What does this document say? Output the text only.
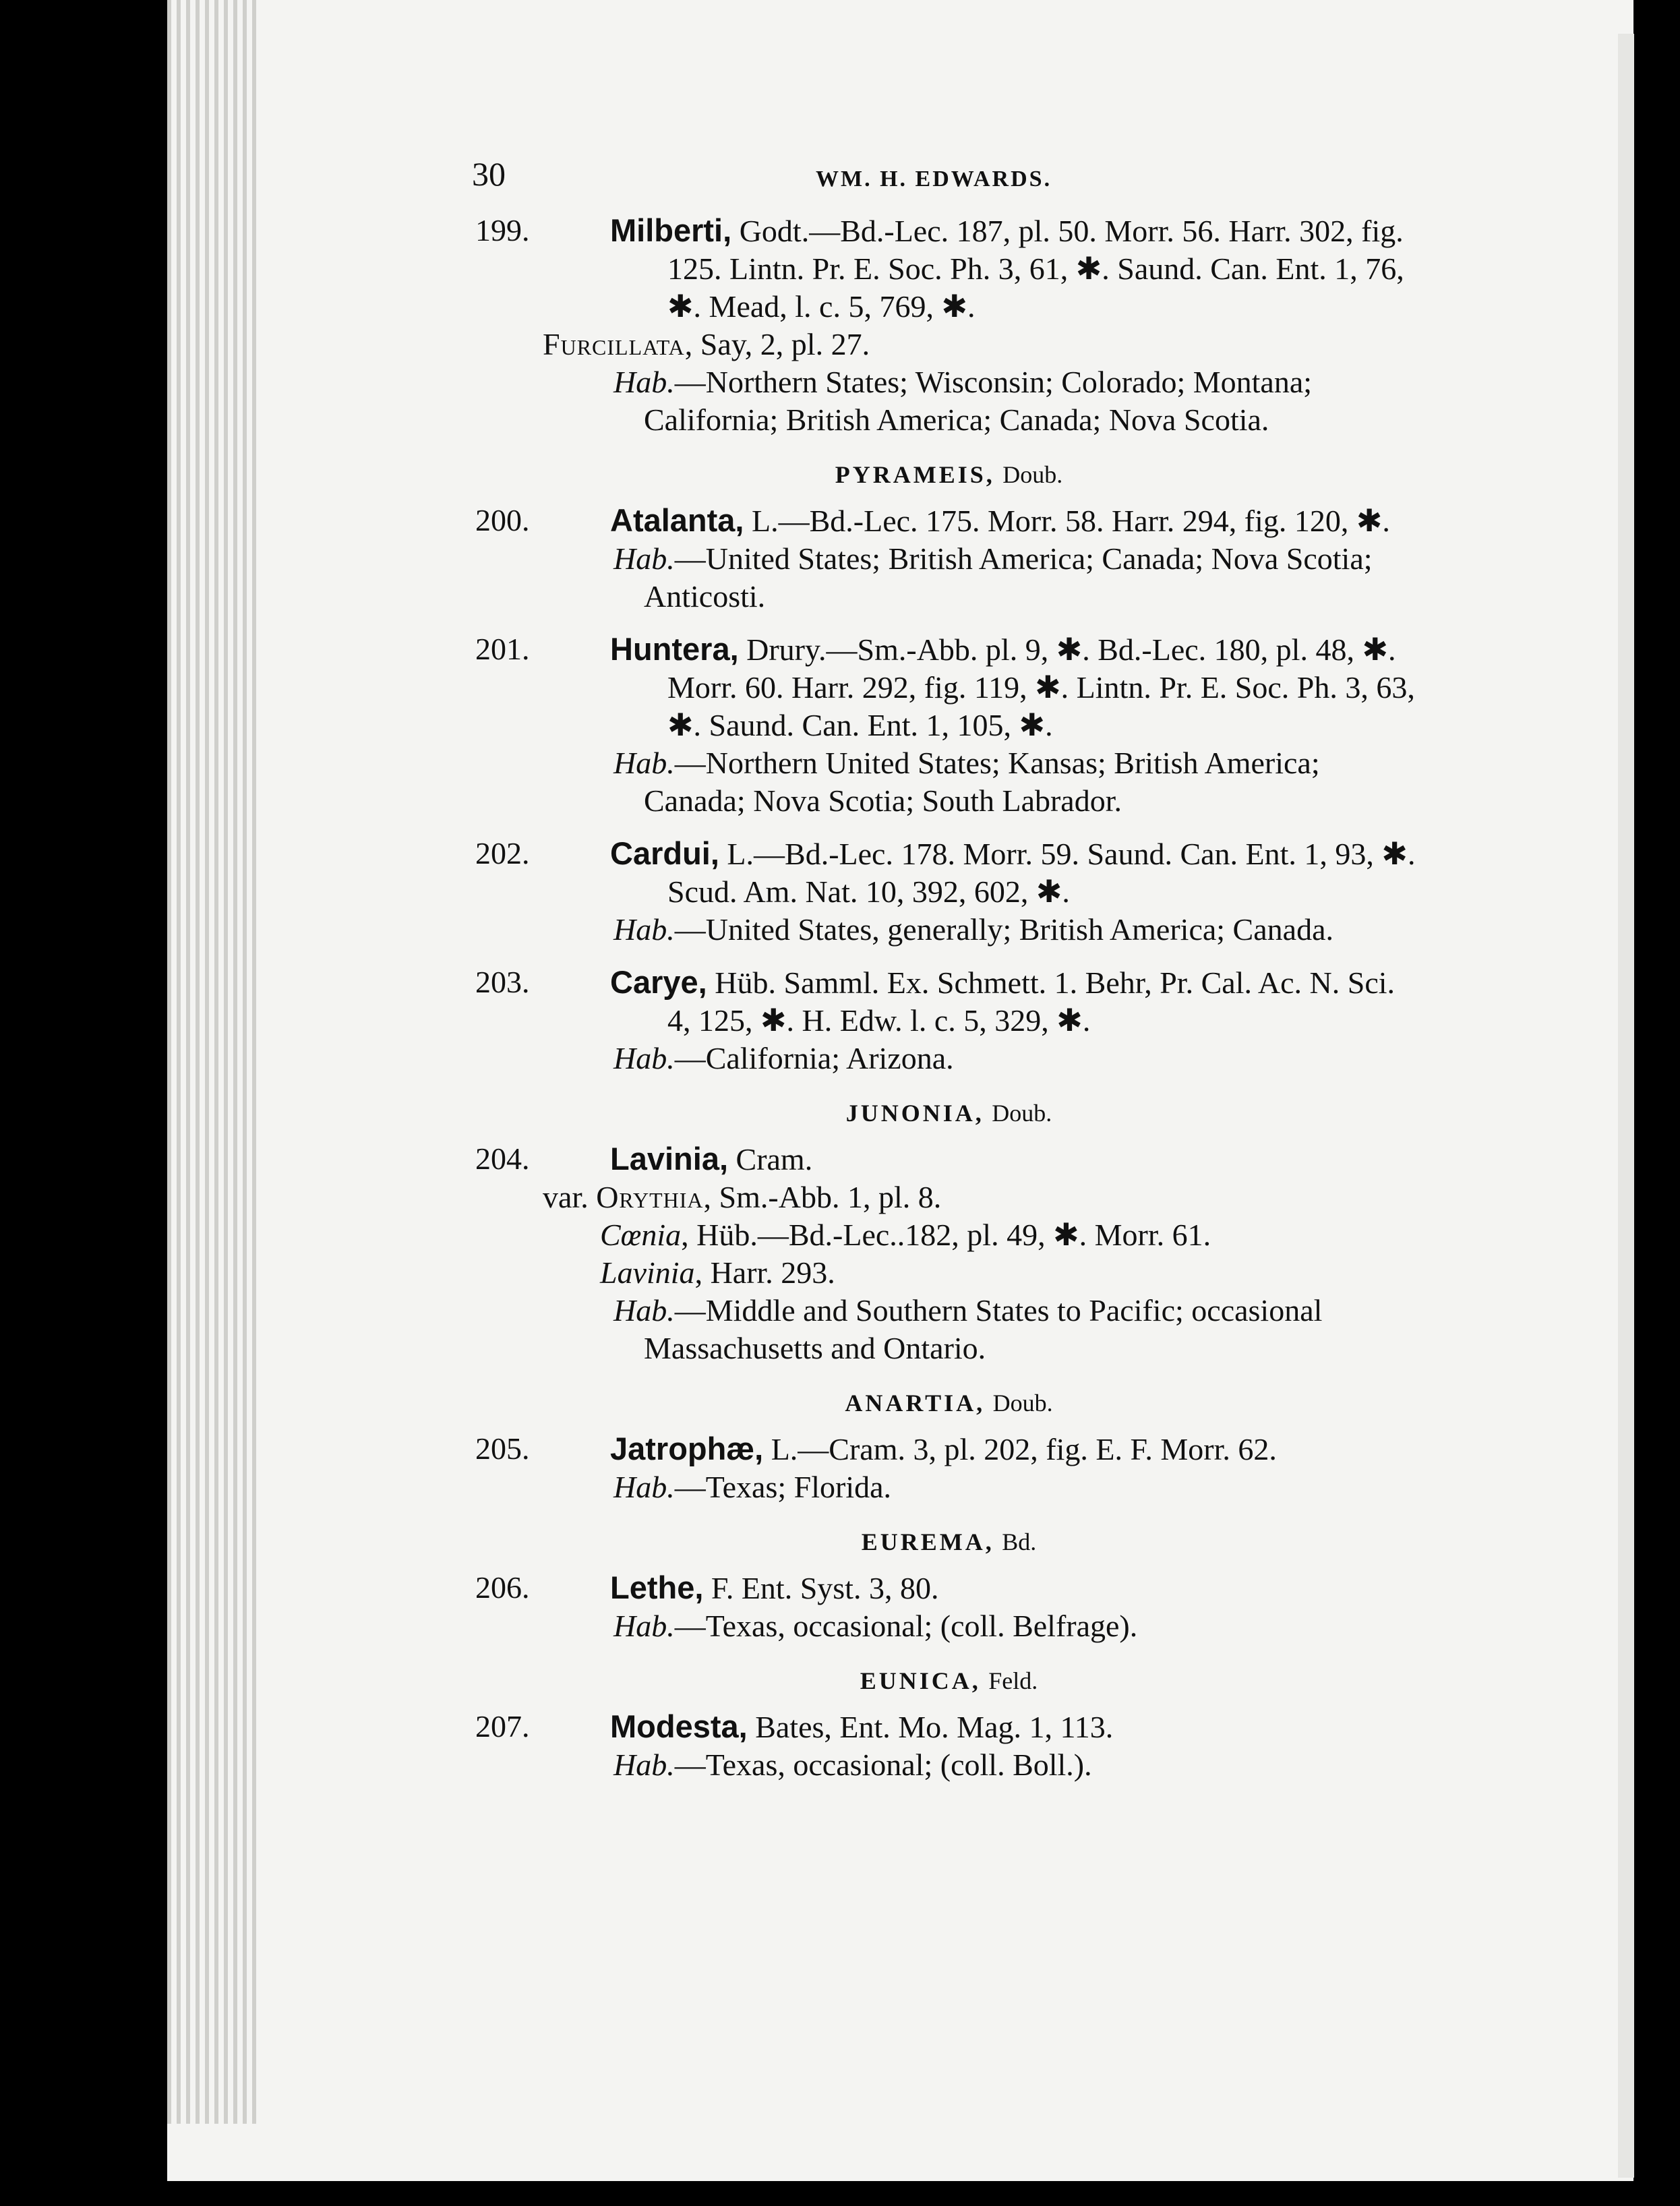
30	WM. H. EDWARDS.
199.	Milberti, Godt.—Bd.-Lec. 187, pl. 50. Morr. 56. Harr. 302, fig. 125. Lintn. Pr. E. Soc. Ph. 3, 61, ✱. Saund. Can. Ent. 1, 76, ✱. Mead, l. c. 5, 769, ✱.
Furcillata, Say, 2, pl. 27.
Hab.—Northern States; Wisconsin; Colorado; Montana; California; British America; Canada; Nova Scotia.
PYRAMEIS, Doub.
200.	Atalanta, L.—Bd.-Lec. 175. Morr. 58. Harr. 294, fig. 120, ✱.
Hab.—United States; British America; Canada; Nova Scotia; Anticosti.
201.	Huntera, Drury.—Sm.-Abb. pl. 9, ✱. Bd.-Lec. 180, pl. 48, ✱. Morr. 60. Harr. 292, fig. 119, ✱. Lintn. Pr. E. Soc. Ph. 3, 63, ✱. Saund. Can. Ent. 1, 105, ✱.
Hab.—Northern United States; Kansas; British America; Canada; Nova Scotia; South Labrador.
202.	Cardui, L.—Bd.-Lec. 178. Morr. 59. Saund. Can. Ent. 1, 93, ✱. Scud. Am. Nat. 10, 392, 602, ✱.
Hab.—United States, generally; British America; Canada.
203.	Carye, Hüb. Samml. Ex. Schmett. 1. Behr, Pr. Cal. Ac. N. Sci. 4, 125, ✱. H. Edw. l. c. 5, 329, ✱.
Hab.—California; Arizona.
JUNONIA, Doub.
204.	Lavinia, Cram.
var. Orythia, Sm.-Abb. 1, pl. 8.
Cœnia, Hüb.—Bd.-Lec..182, pl. 49, ✱. Morr. 61.
Lavinia, Harr. 293.
Hab.—Middle and Southern States to Pacific; occasional Massachusetts and Ontario.
ANARTIA, Doub.
205.	Jatrophæ, L.—Cram. 3, pl. 202, fig. E. F. Morr. 62.
Hab.—Texas; Florida.
EUREMA, Bd.
206.	Lethe, F. Ent. Syst. 3, 80.
Hab.—Texas, occasional; (coll. Belfrage).
EUNICA, Feld.
207.	Modesta, Bates, Ent. Mo. Mag. 1, 113.
Hab.—Texas, occasional; (coll. Boll.).
